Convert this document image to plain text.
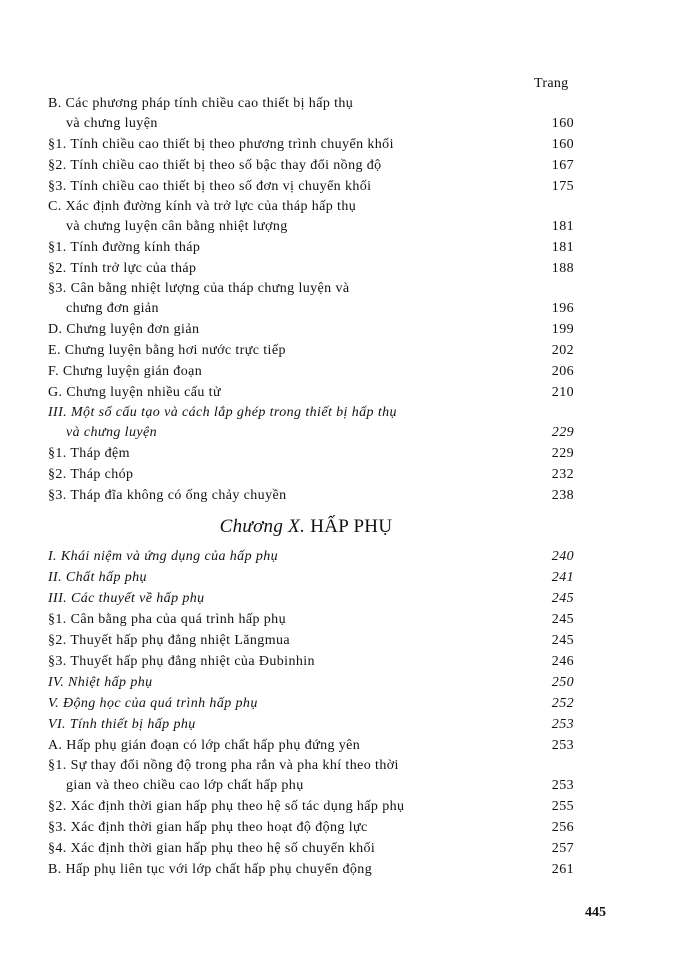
Trang
B. Các phương pháp tính chiều cao thiết bị hấp thụ
và chưng luyện	160
§1. Tính chiều cao thiết bị theo phương trình chuyển khối	160
§2. Tính chiều cao thiết bị theo số bậc thay đổi nồng độ	167
§3. Tính chiều cao thiết bị theo số đơn vị chuyển khối	175
C. Xác định đường kính và trở lực của tháp hấp thụ
và chưng luyện cân bằng nhiệt lượng	181
§1. Tính đường kính tháp	181
§2. Tính trở lực của tháp	188
§3. Cân bằng nhiệt lượng của tháp chưng luyện và
chưng đơn giản	196
D. Chưng luyện đơn giản	199
E. Chưng luyện bằng hơi nước trực tiếp	202
F. Chưng luyện gián đoạn	206
G. Chưng luyện nhiều cấu tử	210
III. Một số cấu tạo và cách lắp ghép trong thiết bị hấp thụ
và chưng luyện	229
§1. Tháp đệm	229
§2. Tháp chóp	232
§3. Tháp đĩa không có ống chảy chuyền	238
Chương X. HẤP PHỤ
I. Khái niệm và ứng dụng của hấp phụ	240
II. Chất hấp phụ	241
III. Các thuyết về hấp phụ	245
§1. Cân bằng pha của quá trình hấp phụ	245
§2. Thuyết hấp phụ đẳng nhiệt Lăngmua	245
§3. Thuyết hấp phụ đẳng nhiệt của Đubinhin	246
IV. Nhiệt hấp phụ	250
V. Động học của quá trình hấp phụ	252
VI. Tính thiết bị hấp phụ	253
A. Hấp phụ gián đoạn có lớp chất hấp phụ đứng yên	253
§1. Sự thay đổi nồng độ trong pha rắn và pha khí theo thời
gian và theo chiều cao lớp chất hấp phụ	253
§2. Xác định thời gian hấp phụ theo hệ số tác dụng hấp phụ	255
§3. Xác định thời gian hấp phụ theo hoạt độ động lực	256
§4. Xác định thời gian hấp phụ theo hệ số chuyển khối	257
B. Hấp phụ liên tục với lớp chất hấp phụ chuyển động	261
445
